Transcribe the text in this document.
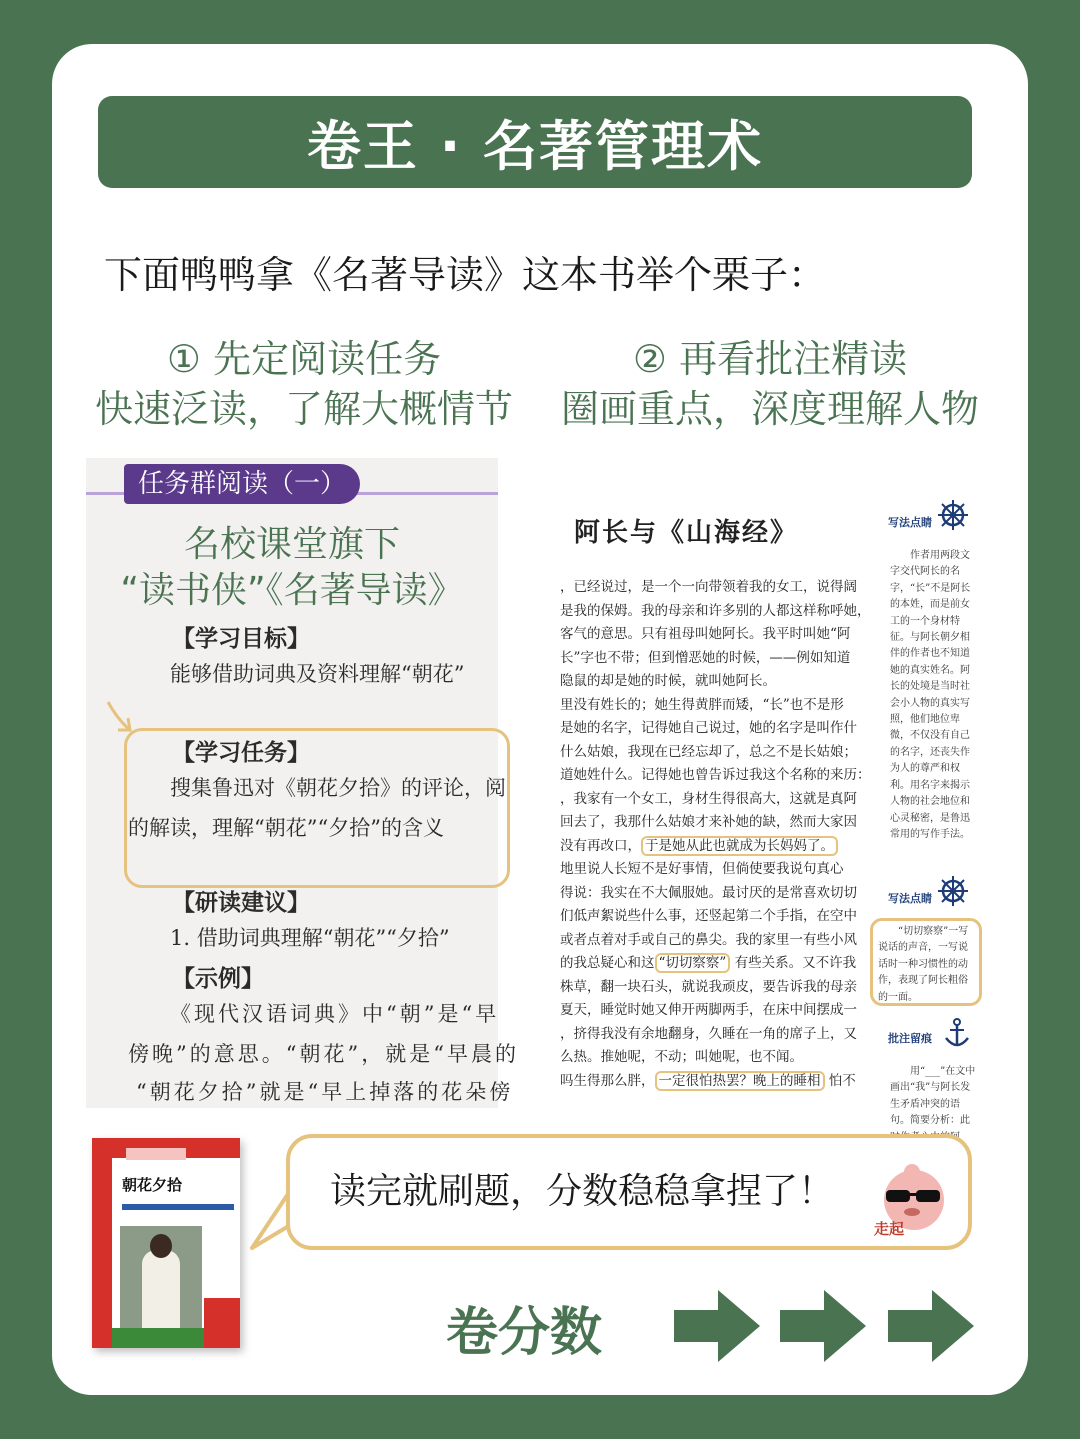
卷王 · 名著管理术
下面鸭鸭拿《名著导读》这本书举个栗子：
① 先定阅读任务
快速泛读，了解大概情节
② 再看批注精读
圈画重点，深度理解人物
任务群阅读（一）
名校课堂旗下
“读书侠”《名著导读》
【学习目标】
能够借助词典及资料理解“朝花”
【学习任务】
搜集鲁迅对《朝花夕拾》的评论，阅
的解读，理解“朝花”“夕拾”的含义
【研读建议】
1. 借助词典理解“朝花”“夕拾”
【示例】
《现代汉语词典》中“朝”是“早
傍晚”的意思。“朝花”，就是“早晨的
“朝花夕拾”就是“早上掉落的花朵傍
阿长与《山海经》
，已经说过，是一个一向带领着我的女工，说得阔
是我的保姆。我的母亲和许多别的人都这样称呼她，
客气的意思。只有祖母叫她阿长。我平时叫她“阿
长”字也不带；但到憎恶她的时候，——例如知道
隐鼠的却是她的时候，就叫她阿长。
里没有姓长的；她生得黄胖而矮，“长”也不是形
是她的名字，记得她自己说过，她的名字是叫作什
什么姑娘，我现在已经忘却了，总之不是长姑娘；
道她姓什么。记得她也曾告诉过我这个名称的来历：
，我家有一个女工，身材生得很高大，这就是真阿
回去了，我那什么姑娘才来补她的缺，然而大家因
没有再改口， 于是她从此也就成为长妈妈了。
地里说人长短不是好事情，但倘使要我说句真心
得说：我实在不大佩服她。最讨厌的是常喜欢切切
们低声絮说些什么事，还竖起第二个手指，在空中
或者点着对手或自己的鼻尖。我的家里一有些小风
的我总疑心和这 “切切察察” 有些关系。又不许我
株草，翻一块石头，就说我顽皮，要告诉我的母亲
夏天，睡觉时她又伸开两脚两手，在床中间摆成一
，挤得我没有余地翻身，久睡在一角的席子上，又
么热。推她呢，不动；叫她呢，也不闻。
吗生得那么胖， 一定很怕热罢？晚上的睡相 怕不
写法点睛
作者用两段文字交代阿长的名字，“长”不是阿长的本姓，而是前女工的一个身材特征。与阿长朝夕相伴的作者也不知道她的真实姓名。阿长的处境是当时社会小人物的真实写照，他们地位卑微，不仅没有自己的名字，还丧失作为人的尊严和权利。用名字来揭示人物的社会地位和心灵秘密，是鲁迅常用的写作手法。
写法点睛
“切切察察”一写说话的声音，一写说话时一种习惯性的动作，表现了阿长粗俗的一面。
批注留痕
用“___”在文中画出“我”与阿长发生矛盾冲突的语句。简要分析：此
朝花夕拾	读完就刷题，分数稳稳拿捏了！
走起
卷分数
